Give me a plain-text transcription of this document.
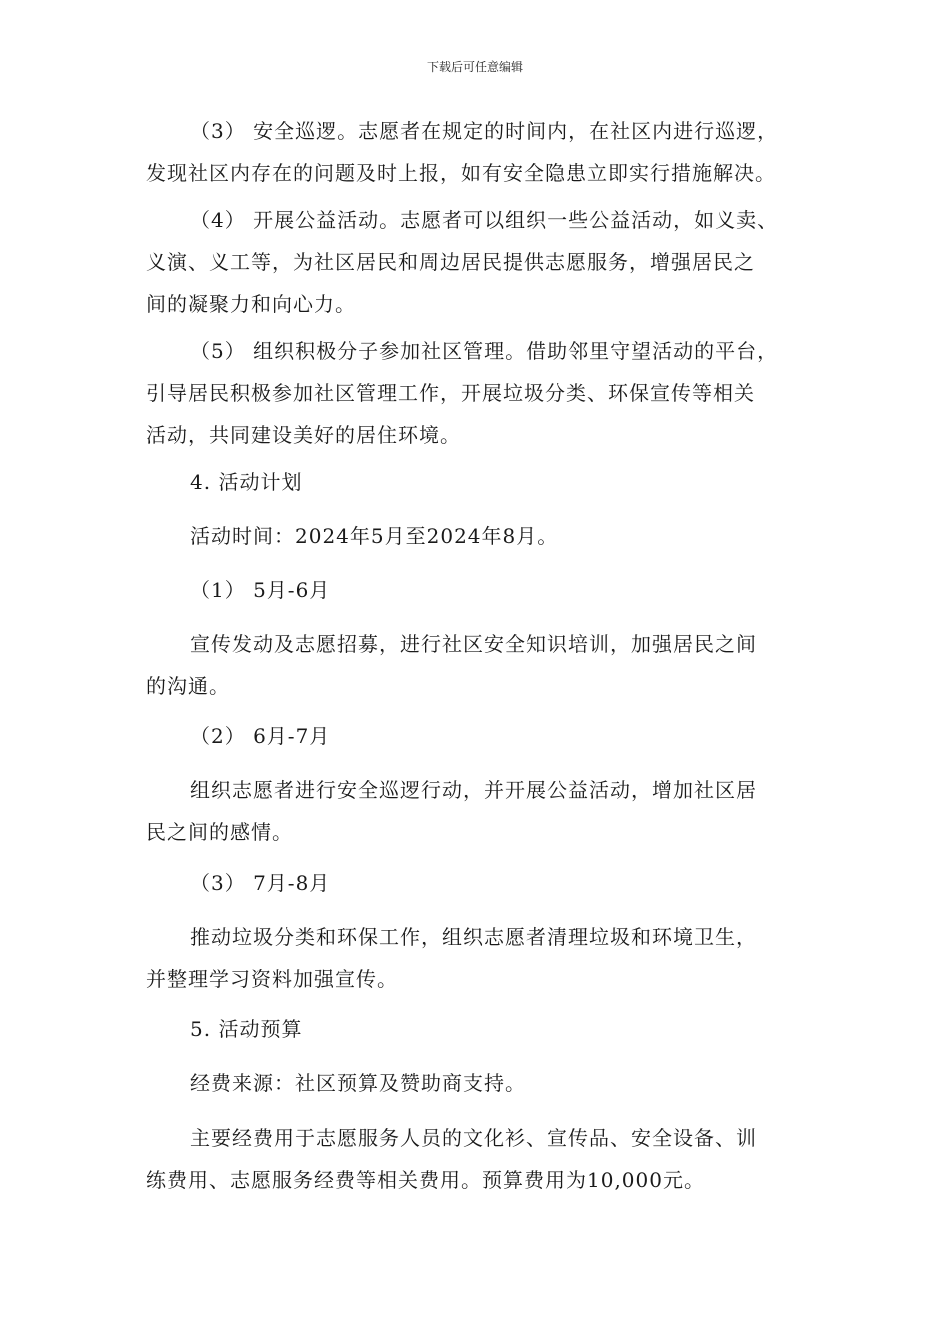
下载后可任意编辑
（3） 安全巡逻。志愿者在规定的时间内，在社区内进行巡逻，
发现社区内存在的问题及时上报，如有安全隐患立即实行措施解决。
（4） 开展公益活动。志愿者可以组织一些公益活动，如义卖、
义演、义工等，为社区居民和周边居民提供志愿服务，增强居民之
间的凝聚力和向心力。
（5） 组织积极分子参加社区管理。借助邻里守望活动的平台，
引导居民积极参加社区管理工作，开展垃圾分类、环保宣传等相关
活动，共同建设美好的居住环境。
4. 活动计划
活动时间：2024年5月至2024年8月。
（1） 5月-6月
宣传发动及志愿招募，进行社区安全知识培训，加强居民之间
的沟通。
（2） 6月-7月
组织志愿者进行安全巡逻行动，并开展公益活动，增加社区居
民之间的感情。
（3） 7月-8月
推动垃圾分类和环保工作，组织志愿者清理垃圾和环境卫生，
并整理学习资料加强宣传。
5. 活动预算
经费来源：社区预算及赞助商支持。
主要经费用于志愿服务人员的文化衫、宣传品、安全设备、训
练费用、志愿服务经费等相关费用。预算费用为10,000元。
